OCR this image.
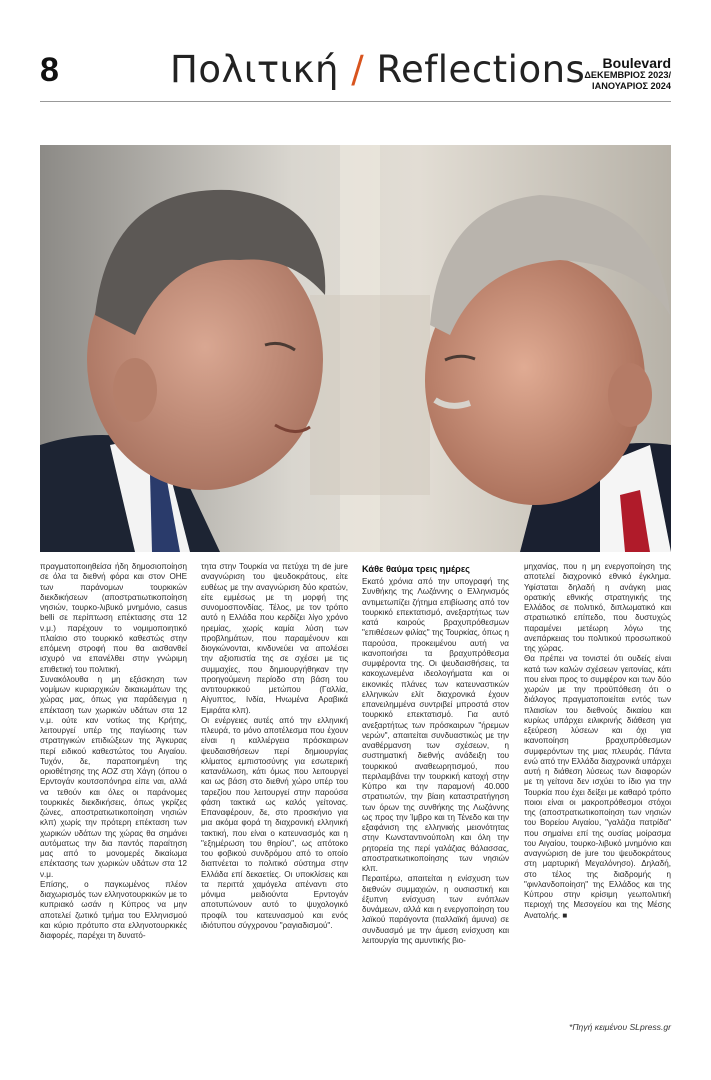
8	Πολιτική / Reflections	Boulevard
ΔΕΚΕΜΒΡΙΟΣ 2023/
ΙΑΝΟΥΑΡΙΟΣ 2024

πραγματοποιηθείσα ήδη δημοσιοποίηση σε όλα τα διεθνή φόρα και στον ΟΗΕ των παράνομων τουρκικών διεκδικήσεων (αποστρατιωτικοποίηση νησιών, τουρκο-λιβυκό μνημόνιο, casus belli σε περίπτωση επέκτασης στα 12 ν.μ.) παρέχουν το νομιμοποιητικό πλαίσιο στο τουρκικό καθεστώς στην επόμενη στροφή που θα αισθανθεί ισχυρό να επανέλθει στην γνώριμη επιθετική του πολιτική.

Συνακόλουθα η μη εξάσκηση των νομίμων κυριαρχικών δικαιωμάτων της χώρας μας, όπως για παράδειγμα η επέκταση των χωρικών υδάτων στα 12 ν.μ. ούτε καν νοτίως της Κρήτης, λειτουργεί υπέρ της παγίωσης των στρατηγικών επιδιώξεων της Άγκυρας περί ειδικού καθεστώτος του Αιγαίου. Τυχόν, δε, παραποιημένη της οριοθέτησης της ΑΟΖ στη Χάγη (όπου ο Ερντογάν κουτσοπόνηρα είπε ναι, αλλά να τεθούν και όλες οι παράνομες τουρκικές διεκδικήσεις, όπως γκρίζες ζώνες, αποστρατιωτικοποίηση νησιών κλπ) χωρίς την πρότερη επέκταση των χωρικών υδάτων της χώρας θα σημάνει αυτόματως την δια παντός παραίτηση μας από το μονομερές δικαίωμα επέκτασης των χωρικών υδάτων στα 12 ν.μ.

Επίσης, ο παγκωμένος πλέον διαχωρισμός των ελληνοτουρκικών με το κυπριακό ωσάν η Κύπρος να μην αποτελεί ζωτικό τμήμα του Ελληνισμού και κύριο πρότυπο στα ελληνοτουρκικές διαφορές, παρέχει τη δυνατό-

τητα στην Τουρκία να πετύχει τη de jure αναγνώριση του ψευδοκράτους, είτε ευθέως με την αναγνώριση δύο κρατών, είτε εμμέσως με τη μορφή της συνομοσπονδίας. Τέλος, με τον τρόπο αυτό η Ελλάδα που κερδίζει λίγο χρόνο ηρεμίας, χωρίς καμία λύση των προβλημάτων, που παραμένουν και διογκώνονται, κινδυνεύει να απολέσει την αξιοπιστία της σε σχέσει με τις συμμαχίες, που δημιουργήθηκαν την προηγούμενη περίοδο στη βάση του αντιτουρκικού μετώπου (Γαλλία, Αίγυπτος, Ινδία, Ηνωμένα Αραβικά Εμιράτα κλπ).

Οι ενέργειες αυτές από την ελληνική πλευρά, το μόνο αποτέλεσμα που έχουν είναι η καλλιέργεια πρόσκαιρων ψευδαισθήσεων περί δημιουργίας κλίματος εμπιστοσύνης για εσωτερική κατανάλωση, κάτι όμως που λειτουργεί και ως βάση στο διεθνή χώρο υπέρ του ταρεζίου που λειτουργεί στην παρούσα φάση τακτικά ως καλός γείτονας. Επαναφέρουν, δε, στο προσκήνιο για μια ακόμα φορά τη διαχρονική ελληνική τακτική, που είναι ο κατευνασμός και η "εξημέρωση του θηρίου", ως απότοκο του φοβικού συνδρόμου από το οποίο διαπνέεται το πολιτικό σύστημα στην Ελλάδα επί δεκαετίες. Οι υποκλίσεις και τα περιττά χαμόγελα απέναντι στο μόνιμα μειδιούντα Ερντογάν αποτυπώνουν αυτό το ψυχολογικό προφίλ του κατευνασμού και ενός ιδιότυπου σύγχρονου "ραγιαδισμού".

Κάθε θαύμα τρεις ημέρες

Εκατό χρόνια από την υπογραφή της Συνθήκης της Λωζάννης ο Ελληνισμός αντιμετωπίζει ζήτημα επιβίωσης από τον τουρκικό επεκτατισμό, ανεξαρτήτως των κατά καιρούς βραχυπρόθεσμων "επιθέσεων φιλίας" της Τουρκίας, όπως η παρούσα, προκειμένου αυτή να ικανοποιήσει τα βραχυπρόθεσμα συμφέροντα της. Οι ψευδαισθήσεις, τα κακοχωνεμένα ιδεολογήματα και οι εικονικές πλάνες των κατευναστικών ελληνικών ελίτ διαχρονικά έχουν επανειλημμένα συντριβεί μπροστά στον τουρκικό επεκτατισμό. Για αυτό ανεξαρτήτως των πρόσκαιρων "ήρεμων νερών", απαιτείται συνδυαστικώς με την αναθέρμανση των σχέσεων, η συστηματική διεθνής ανάδειξη του τουρκικού αναθεωρητισμού, που περιλαμβάνει την τουρκική κατοχή στην Κύπρο και την παραμονή 40.000 στρατιωτών, την βίαιη καταστρατήγηση των όρων της συνθήκης της Λωζάννης ως προς την Ίμβρο και τη Τένεδο και την εξαφάνιση της ελληνικής μειονότητας στην Κωνσταντινούπολη και όλη την ρητορεία της περί γαλάζιας θάλασσας, αποστρατιωτικοποίησης των νησιών κλπ.

Περαιτέρω, απαιτείται η ενίσχυση των διεθνών συμμαχιών, η ουσιαστική και έξυπνη ενίσχυση των ενόπλων δυνάμεων, αλλά και η ενεργοποίηση του λαϊκού παράγοντα (παλλαϊκή άμυνα) σε συνδυασμό με την άμεση ενίσχυση και λειτουργία της αμυντικής βιο-

μηχανίας, που η μη ενεργοποίηση της αποτελεί διαχρονικό εθνικό έγκλημα. Υφίσταται δηλαδή η ανάγκη μιας ορατικής εθνικής στρατηγικής της Ελλάδος σε πολιτικό, διπλωματικό και στρατιωτικό επίπεδο, που δυστυχώς παραμένει μετέωρη λόγω της ανεπάρκειας του πολιτικού προσωπικού της χώρας.

Θα πρέπει να τονιστεί ότι ουδείς είναι κατά των καλών σχέσεων γειτονίας, κάτι που είναι προς το συμφέρον και των δύο χωρών με την προϋπόθεση ότι ο διάλογος πραγματοποιείται εντός των πλαισίων του διεθνούς δικαίου και κυρίως υπάρχει ειλικρινής διάθεση για εξεύρεση λύσεων και όχι για ικανοποίηση βραχυπρόθεσμων συμφερόντων της μιας πλευράς. Πάντα ενώ από την Ελλάδα διαχρονικά υπάρχει αυτή η διάθεση λύσεως των διαφορών με τη γείτονα δεν ισχύει το ίδιο για την Τουρκία που έχει δείξει με καθαρό τρόπο ποιοι είναι οι μακροπρόθεσμοι στόχοι της (αποστρατιωτικοποίηση των νησιών του Βορείου Αιγαίου, "γαλάζια πατρίδα" που σημαίνει επί της ουσίας μοίρασμα του Αιγαίου, τουρκο-λιβυκό μνημόνιο και αναγνώριση de jure του ψευδοκράτους στη μαρτυρική Μεγαλόνησο). Δηλαδή, στο τέλος της διαδρομής η "φινλανδοποίηση" της Ελλάδος και της Κύπρου στην κρίσιμη γεωπολιτική περιοχή της Μεσογείου και της Μέσης Ανατολής. ■

*Πηγή κειμένου SLpress.gr
